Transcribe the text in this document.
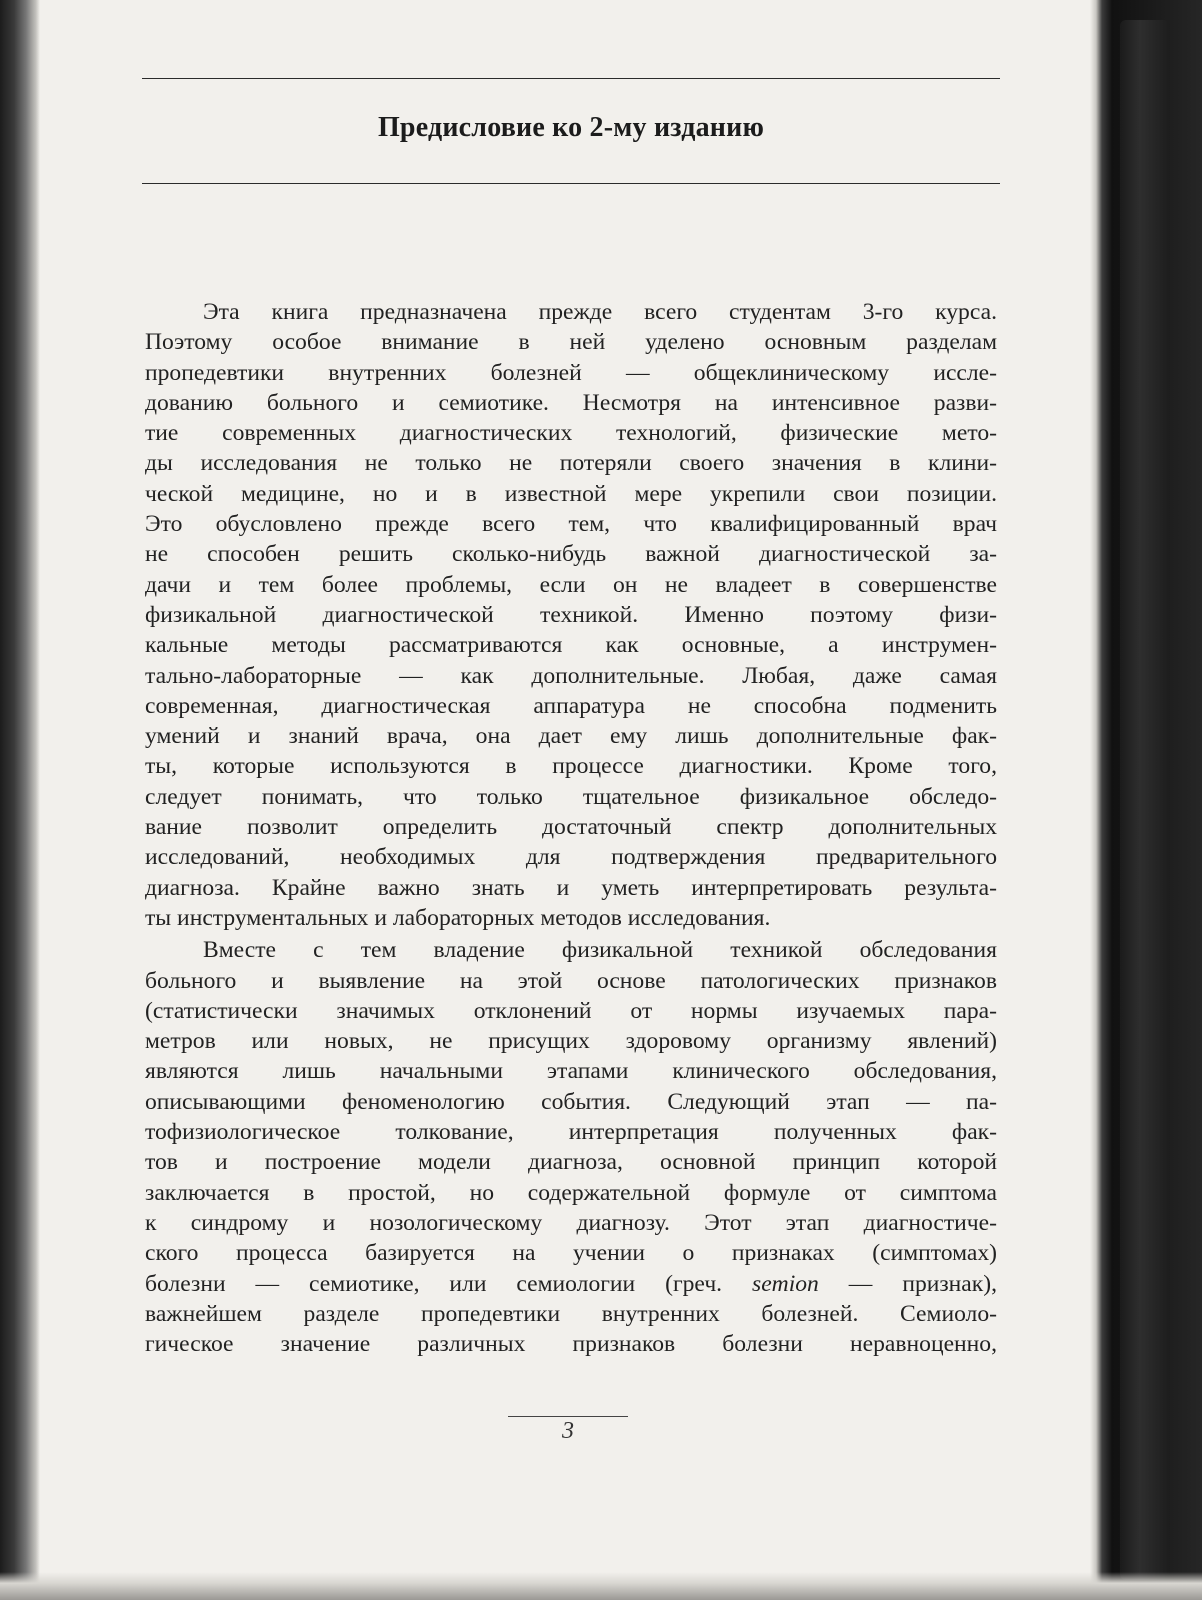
Предисловие ко 2-му изданию
Эта книга предназначена прежде всего студентам 3-го курса.
Поэтому особое внимание в ней уделено основным разделам
пропедевтики внутренних болезней — общеклиническому иссле-
дованию больного и семиотике. Несмотря на интенсивное разви-
тие современных диагностических технологий, физические мето-
ды исследования не только не потеряли своего значения в клини-
ческой медицине, но и в известной мере укрепили свои позиции.
Это обусловлено прежде всего тем, что квалифицированный врач
не способен решить сколько-нибудь важной диагностической за-
дачи и тем более проблемы, если он не владеет в совершенстве
физикальной диагностической техникой. Именно поэтому физи-
кальные методы рассматриваются как основные, а инструмен-
тально-лабораторные — как дополнительные. Любая, даже самая
современная, диагностическая аппаратура не способна подменить
умений и знаний врача, она дает ему лишь дополнительные фак-
ты, которые используются в процессе диагностики. Кроме того,
следует понимать, что только тщательное физикальное обследо-
вание позволит определить достаточный спектр дополнительных
исследований, необходимых для подтверждения предварительного
диагноза. Крайне важно знать и уметь интерпретировать результа-
ты инструментальных и лабораторных методов исследования.
Вместе с тем владение физикальной техникой обследования
больного и выявление на этой основе патологических признаков
(статистически значимых отклонений от нормы изучаемых пара-
метров или новых, не присущих здоровому организму явлений)
являются лишь начальными этапами клинического обследования,
описывающими феноменологию события. Следующий этап — па-
тофизиологическое толкование, интерпретация полученных фак-
тов и построение модели диагноза, основной принцип которой
заключается в простой, но содержательной формуле от симптома
к синдрому и нозологическому диагнозу. Этот этап диагностиче-
ского процесса базируется на учении о признаках (симптомах)
болезни — семиотике, или семиологии (греч. semion — признак),
важнейшем разделе пропедевтики внутренних болезней. Семиоло-
гическое значение различных признаков болезни неравноценно,
3
